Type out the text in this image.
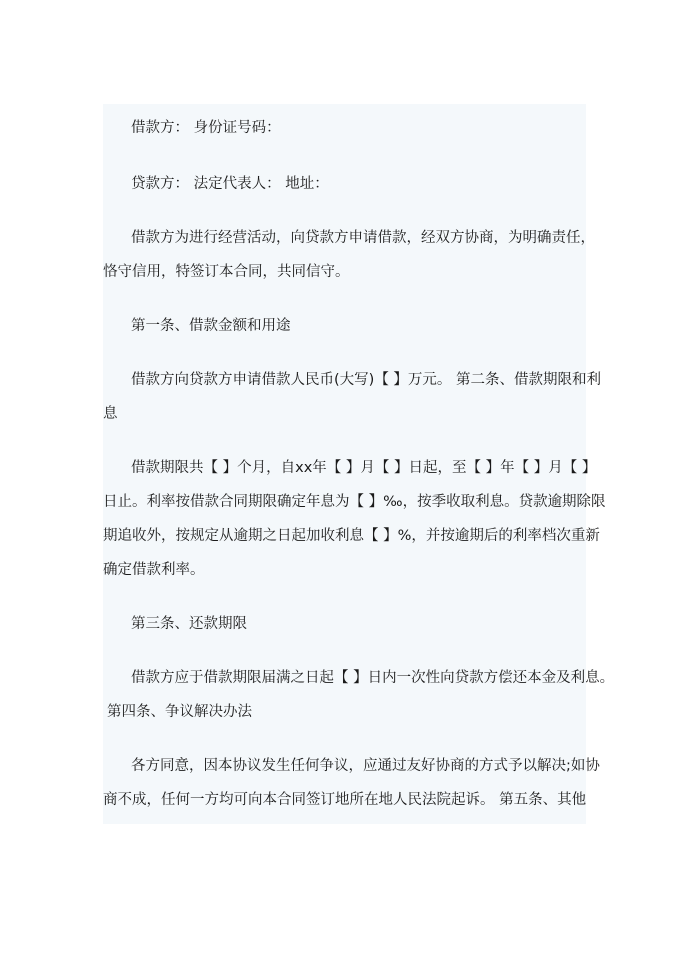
借款方： 身份证号码：
贷款方： 法定代表人： 地址：
借款方为进行经营活动，向贷款方申请借款，经双方协商，为明确责任，
恪守信用，特签订本合同，共同信守。
第一条、借款金额和用途
借款方向贷款方申请借款人民币(大写)【 】万元。 第二条、借款期限和利
息
借款期限共【 】个月，自xx年【 】月【 】日起，至【 】年【 】月【 】
日止。利率按借款合同期限确定年息为【 】‰，按季收取利息。贷款逾期除限
期追收外，按规定从逾期之日起加收利息【 】%，并按逾期后的利率档次重新
确定借款利率。
第三条、还款期限
借款方应于借款期限届满之日起【 】日内一次性向贷款方偿还本金及利息。
第四条、争议解决办法
各方同意，因本协议发生任何争议，应通过友好协商的方式予以解决;如协
商不成，任何一方均可向本合同签订地所在地人民法院起诉。 第五条、其他
